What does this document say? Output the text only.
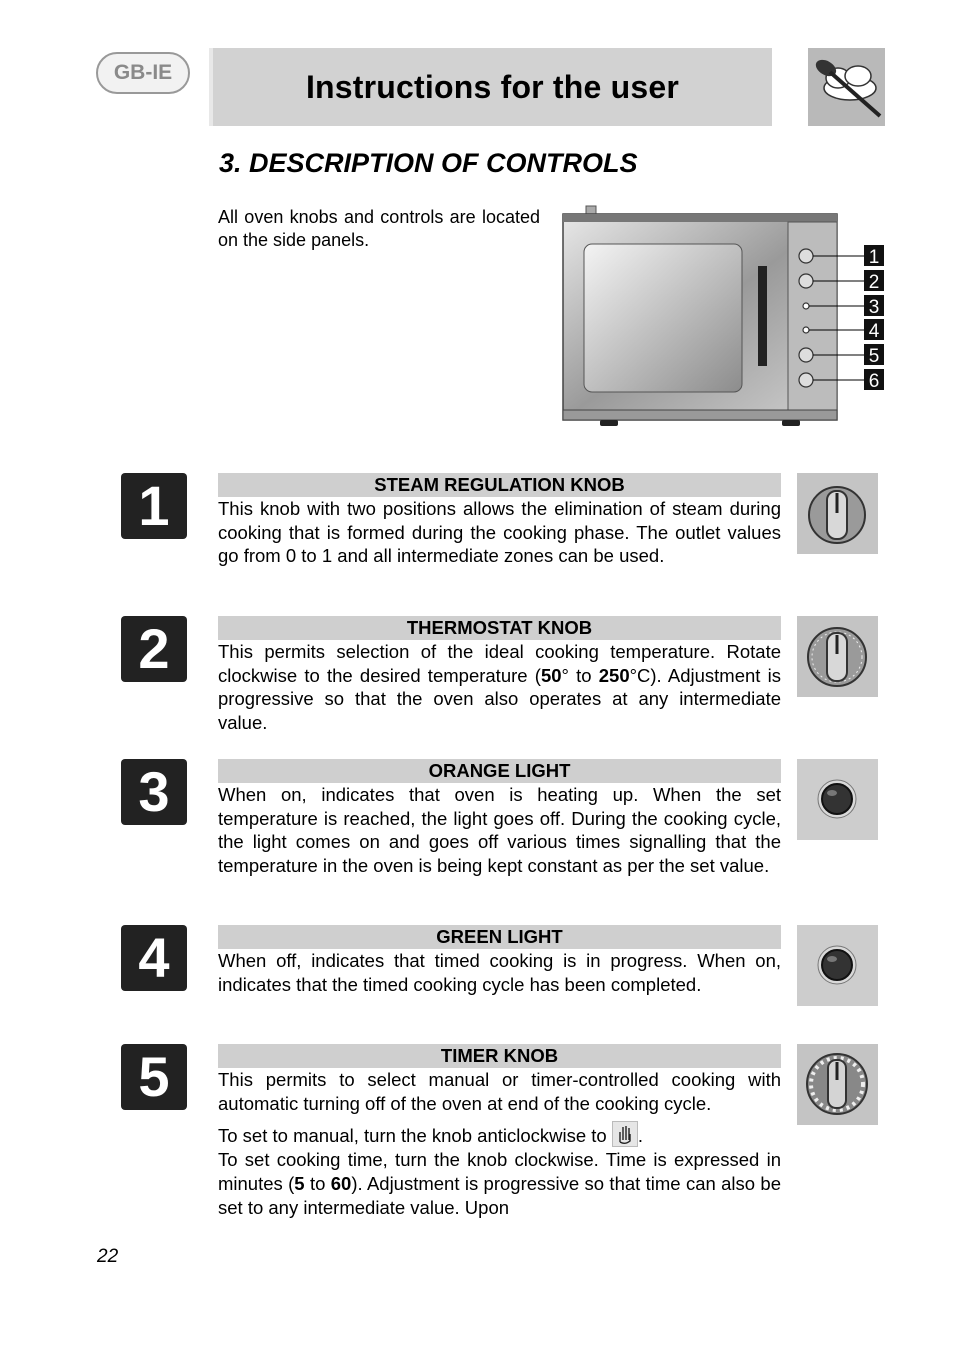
GB-IE	Instructions for the user
3. DESCRIPTION OF CONTROLS
All oven knobs and controls are located on the side panels.
1
2
3
4
5
6
1	STEAM REGULATION KNOB
This knob with two positions allows the elimination of steam during cooking that is formed during the cooking phase. The outlet values go from 0 to 1 and all intermediate zones can be used.
2	THERMOSTAT KNOB
This permits selection of the ideal cooking temperature. Rotate clockwise to the desired temperature (50° to 250°C). Adjustment is progressive so that the oven also operates at any intermediate value.
3	ORANGE LIGHT
When on, indicates that oven is heating up. When the set temperature is reached, the light goes off. During the cooking cycle, the light comes on and goes off various times signalling that the temperature in the oven is being kept constant as per the set value.
4	GREEN LIGHT
When off, indicates that timed cooking is in progress. When on, indicates that the timed cooking cycle has been completed.
5	TIMER KNOB

This permits to select manual or timer-controlled cooking with automatic turning off of the oven at end of the cooking cycle.

To set to manual, turn the knob anticlockwise to .

To set cooking time, turn the knob clockwise. Time is expressed in minutes (5 to 60). Adjustment is progressive so that time can also be set to any intermediate value. Upon

22
